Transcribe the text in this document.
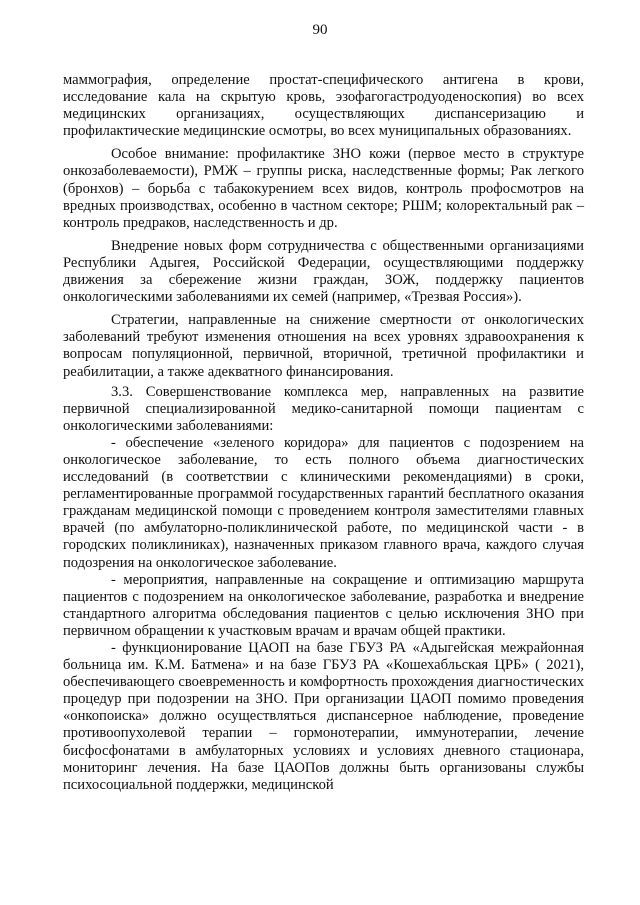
90

маммография, определение простат-специфического антигена в крови, исследование кала на скрытую кровь, эзофагогастродуоденоскопия) во всех медицинских организациях, осуществляющих диспансеризацию и профилактические медицинские осмотры, во всех муниципальных образованиях.

Особое внимание: профилактике ЗНО кожи (первое место в структуре онкозаболеваемости), РМЖ – группы риска, наследственные формы; Рак легкого (бронхов) – борьба с табакокурением всех видов, контроль профосмотров на вредных производствах, особенно в частном секторе; РШМ; колоректальный рак – контроль предраков, наследственность и др.

Внедрение новых форм сотрудничества с общественными организациями Республики Адыгея, Российской Федерации, осуществляющими поддержку движения за сбережение жизни граждан, ЗОЖ, поддержку пациентов онкологическими заболеваниями их семей (например, «Трезвая Россия»).

Стратегии, направленные на снижение смертности от онкологических заболеваний требуют изменения отношения на всех уровнях здравоохранения к вопросам популяционной, первичной, вторичной, третичной профилактики и реабилитации, а также адекватного финансирования.

3.3. Совершенствование комплекса мер, направленных на развитие первичной специализированной медико-санитарной помощи пациентам с онкологическими заболеваниями:

- обеспечение «зеленого коридора» для пациентов с подозрением на онкологическое заболевание, то есть полного объема диагностических исследований (в соответствии с клиническими рекомендациями) в сроки, регламентированные программой государственных гарантий бесплатного оказания гражданам медицинской помощи с проведением контроля заместителями главных врачей (по амбулаторно-поликлинической работе, по медицинской части - в городских поликлиниках), назначенных приказом главного врача, каждого случая подозрения на онкологическое заболевание.

- мероприятия, направленные на сокращение и оптимизацию маршрута пациентов с подозрением на онкологическое заболевание, разработка и внедрение стандартного алгоритма обследования пациентов с целью исключения ЗНО при первичном обращении к участковым врачам и врачам общей практики.

- функционирование ЦАОП на базе ГБУЗ РА «Адыгейская межрайонная больница им. К.М. Батмена» и на базе ГБУЗ РА «Кошехабльская ЦРБ» ( 2021), обеспечивающего своевременность и комфортность прохождения диагностических процедур при подозрении на ЗНО. При организации ЦАОП помимо проведения «онкопоиска» должно осуществляться диспансерное наблюдение, проведение противоопухолевой терапии – гормонотерапии, иммунотерапии, лечение бисфосфонатами в амбулаторных условиях и условиях дневного стационара, мониторинг лечения. На базе ЦАОПов должны быть организованы службы психосоциальной поддержки, медицинской
